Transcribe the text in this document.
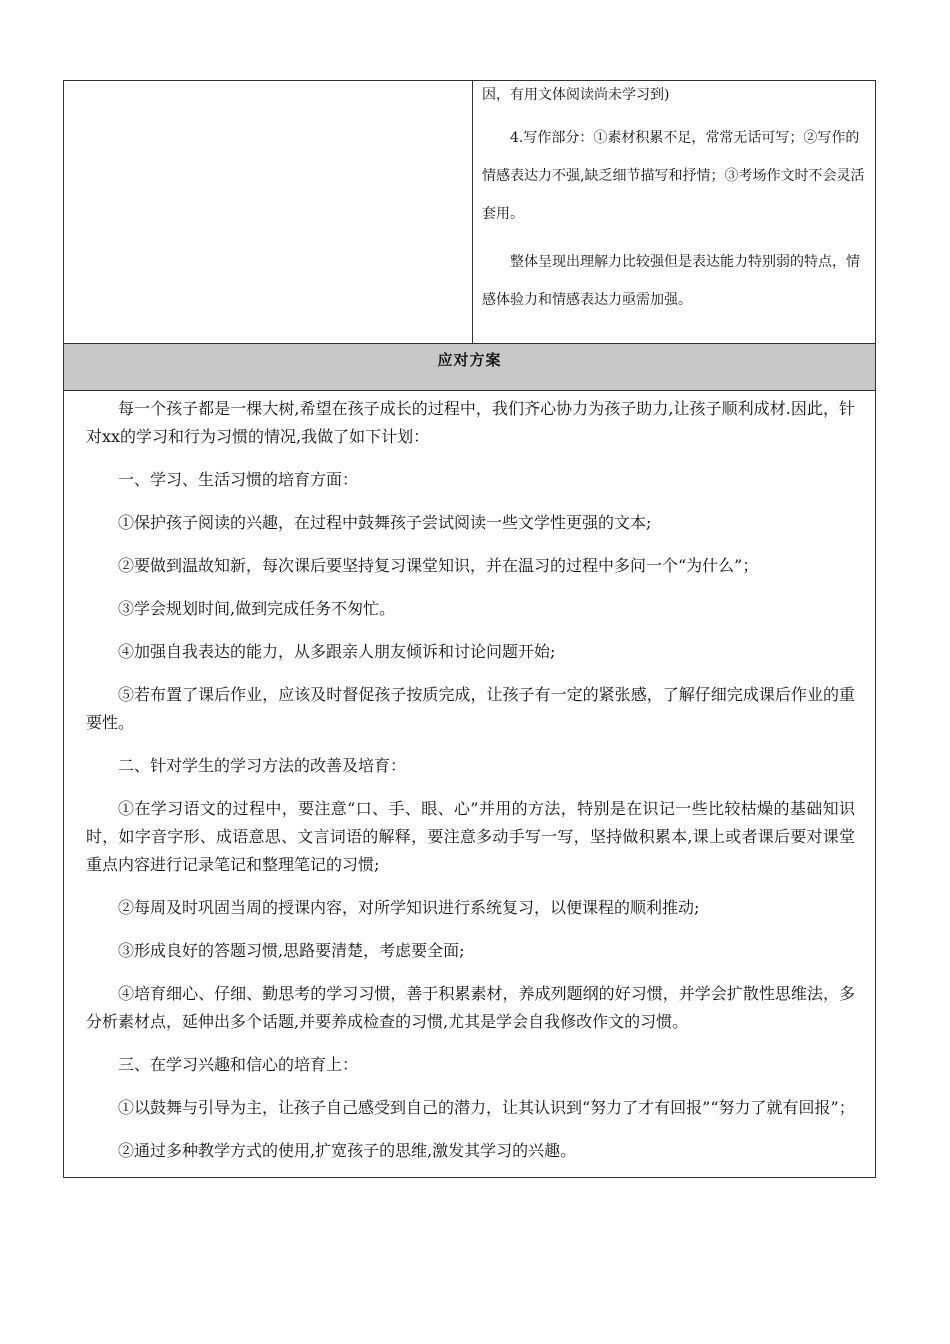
因，有用文体阅读尚未学习到)

4.写作部分：①素材积累不足，常常无话可写；②写作的情感表达力不强,缺乏细节描写和抒情；③考场作文时不会灵活套用。

整体呈现出理解力比较强但是表达能力特别弱的特点，情感体验力和情感表达力亟需加强。

应对方案

每一个孩子都是一棵大树,希望在孩子成长的过程中，我们齐心协力为孩子助力,让孩子顺利成材.因此，针对xx的学习和行为习惯的情况,我做了如下计划：

一、学习、生活习惯的培育方面：

①保护孩子阅读的兴趣，在过程中鼓舞孩子尝试阅读一些文学性更强的文本;

②要做到温故知新，每次课后要坚持复习课堂知识，并在温习的过程中多问一个“为什么”；

③学会规划时间,做到完成任务不匆忙。

④加强自我表达的能力，从多跟亲人朋友倾诉和讨论问题开始;

⑤若布置了课后作业，应该及时督促孩子按质完成，让孩子有一定的紧张感，了解仔细完成课后作业的重要性。

二、针对学生的学习方法的改善及培育：

①在学习语文的过程中，要注意“口、手、眼、心”并用的方法，特别是在识记一些比较枯燥的基础知识时，如字音字形、成语意思、文言词语的解释，要注意多动手写一写，坚持做积累本,课上或者课后要对课堂重点内容进行记录笔记和整理笔记的习惯;

②每周及时巩固当周的授课内容，对所学知识进行系统复习，以便课程的顺利推动;

③形成良好的答题习惯,思路要清楚，考虑要全面;

④培育细心、仔细、勤思考的学习习惯，善于积累素材，养成列题纲的好习惯，并学会扩散性思维法，多分析素材点，延伸出多个话题,并要养成检查的习惯,尤其是学会自我修改作文的习惯。

三、在学习兴趣和信心的培育上：

①以鼓舞与引导为主，让孩子自己感受到自己的潜力，让其认识到“努力了才有回报”“努力了就有回报”；

②通过多种教学方式的使用,扩宽孩子的思维,激发其学习的兴趣。
